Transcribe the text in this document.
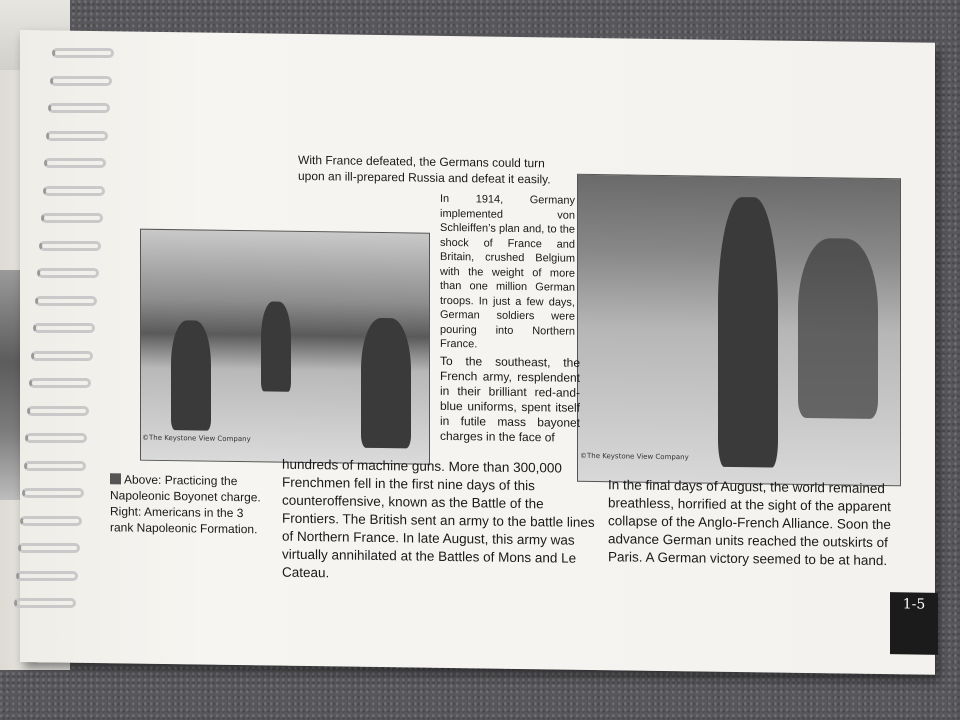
©The Keystone View Company
©The Keystone View Company
With France defeated, the Germans could turn upon an ill-prepared Russia and defeat it easily.
In 1914, Germany implemented von Schleiffen’s plan and, to the shock of France and Britain, crushed Belgium with the weight of more than one million German troops. In just a few days, German soldiers were pouring into Northern France.
To the southeast, the French army, resplendent in their brilliant red-and-blue uniforms, spent itself in futile mass bayonet charges in the face of
hundreds of machine guns. More than 300,000 Frenchmen fell in the first nine days of this counteroffensive, known as the Battle of the Frontiers. The British sent an army to the battle lines of Northern France. In late August, this army was virtually annihilated at the Battles of Mons and Le Cateau.
In the final days of August, the world remained breathless, horrified at the sight of the apparent collapse of the Anglo-French Alliance. Soon the advance German units reached the outskirts of Paris. A German victory seemed to be at hand.
Above: Practicing the Napoleonic Boyonet charge.
Right: Americans in the 3 rank Napoleonic Formation.
1-5
